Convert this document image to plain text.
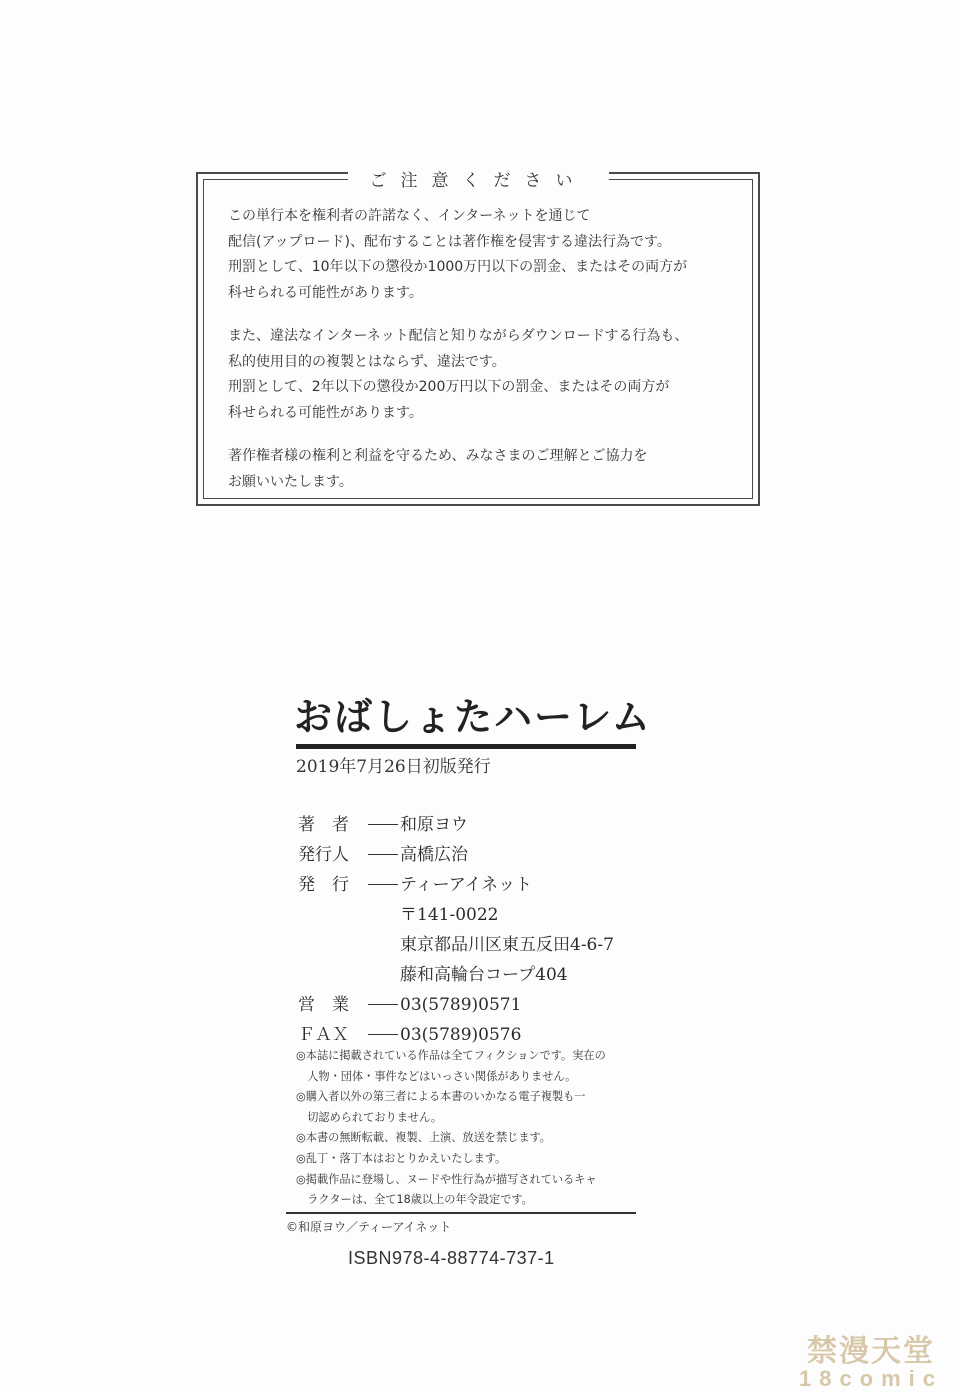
ご注意ください

この単行本を権利者の許諾なく、インターネットを通じて
配信(アップロード)、配布することは著作権を侵害する違法行為です。
刑罰として、10年以下の懲役か1000万円以下の罰金、またはその両方が
科せられる可能性があります。

また、違法なインターネット配信と知りながらダウンロードする行為も、
私的使用目的の複製とはならず、違法です。
刑罰として、2年以下の懲役か200万円以下の罰金、またはその両方が
科せられる可能性があります。

著作権者様の権利と利益を守るため、みなさまのご理解とご協力を
お願いいたします。

おばしょたハーレム
2019年7月26日初版発行
著　者	和原ヨウ
発行人	高橋広治
発　行	ティーアイネット
〒141-0022
東京都品川区東五反田4-6-7
藤和高輪台コープ404
営　業	03(5789)0571
ＦＡＸ	03(5789)0576
◎本誌に掲載されている作品は全てフィクションです。実在の
　人物・団体・事件などはいっさい関係がありません。
◎購入者以外の第三者による本書のいかなる電子複製も一
　切認められておりません。
◎本書の無断転載、複製、上演、放送を禁じます。
◎乱丁・落丁本はおとりかえいたします。
◎掲載作品に登場し、ヌードや性行為が描写されているキャ
　ラクターは、全て18歳以上の年令設定です。
©和原ヨウ／ティーアイネット
ISBN978-4-88774-737-1
禁漫天堂
18comic
